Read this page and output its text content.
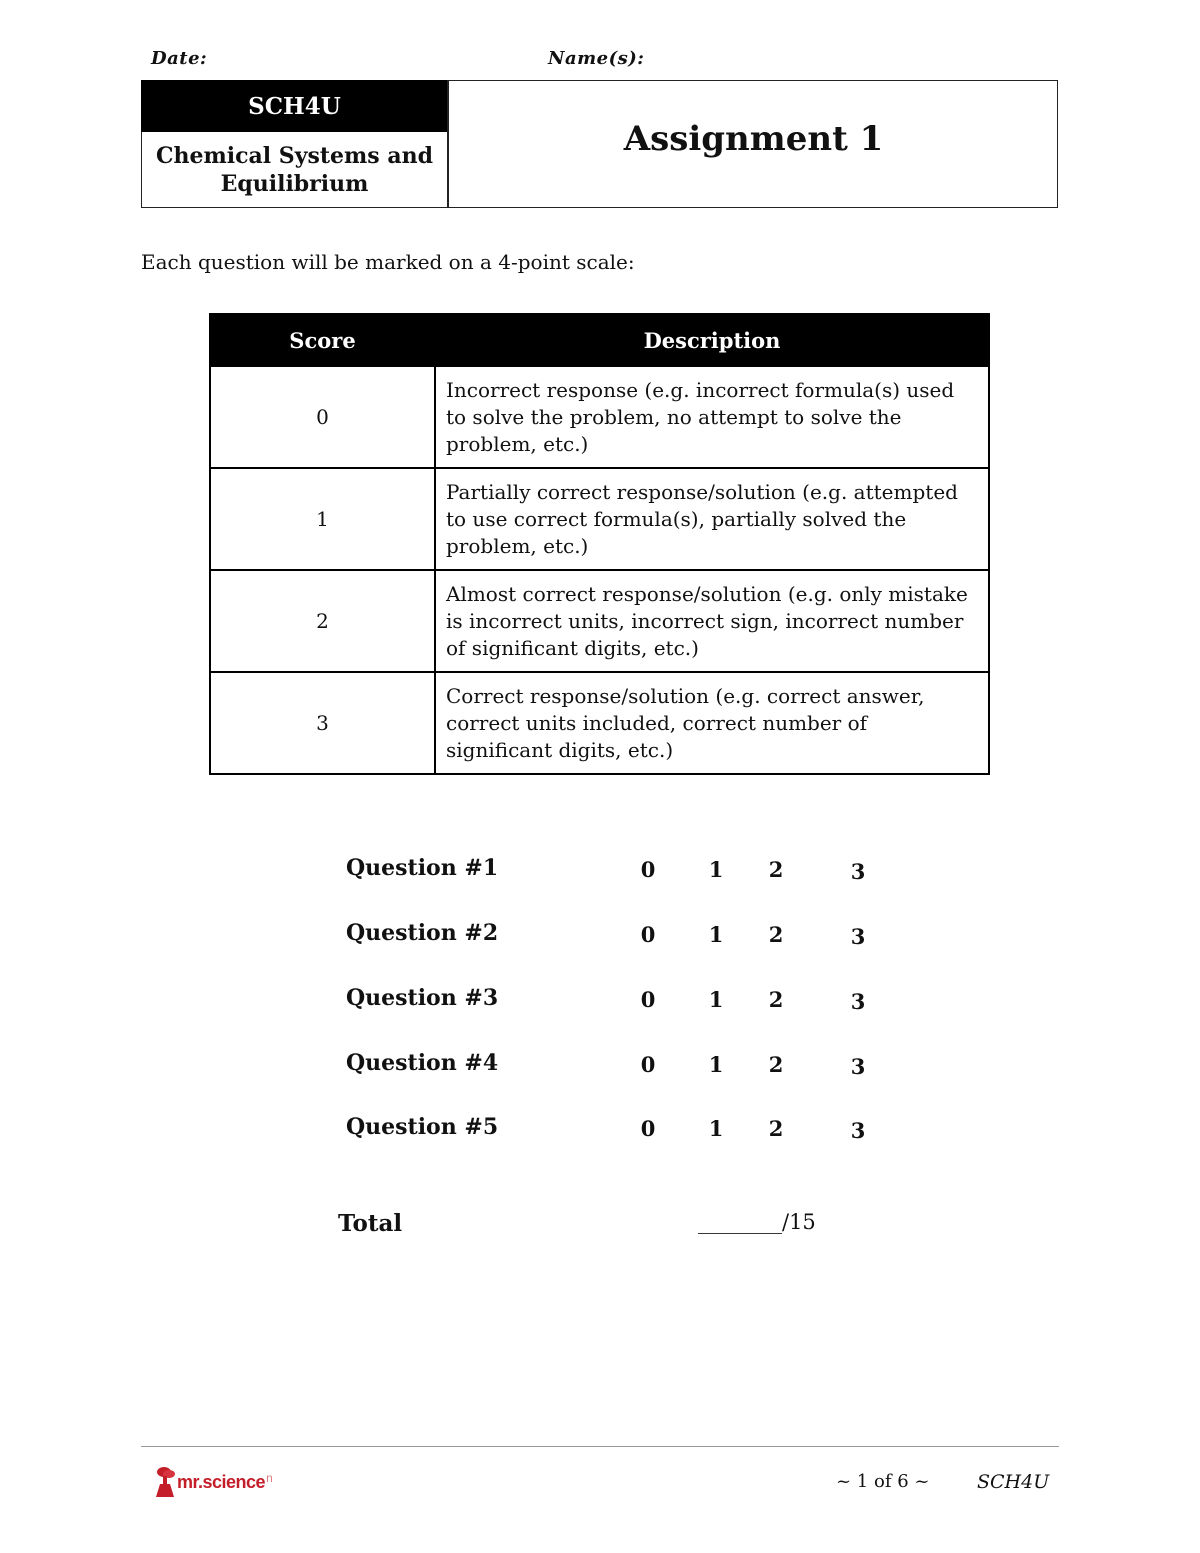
Date:	Name(s):
SCH4U
Chemical Systems and
Equilibrium
Assignment 1
Each question will be marked on a 4-point scale:
Score	Description
0	Incorrect response (e.g. incorrect formula(s) used to solve the problem, no attempt to solve the problem, etc.)
1	Partially correct response/solution (e.g. attempted to use correct formula(s), partially solved the problem, etc.)
2	Almost correct response/solution (e.g. only mistake is incorrect units, incorrect sign, incorrect number of significant digits, etc.)
3	Correct response/solution (e.g. correct answer, correct units included, correct number of significant digits, etc.)
Question #1	0	1	2	3
Question #2	0	1	2	3
Question #3	0	1	2	3
Question #4	0	1	2	3
Question #5	0	1	2	3
Total	________/15
mr.science n	~ 1 of 6 ~	SCH4U
